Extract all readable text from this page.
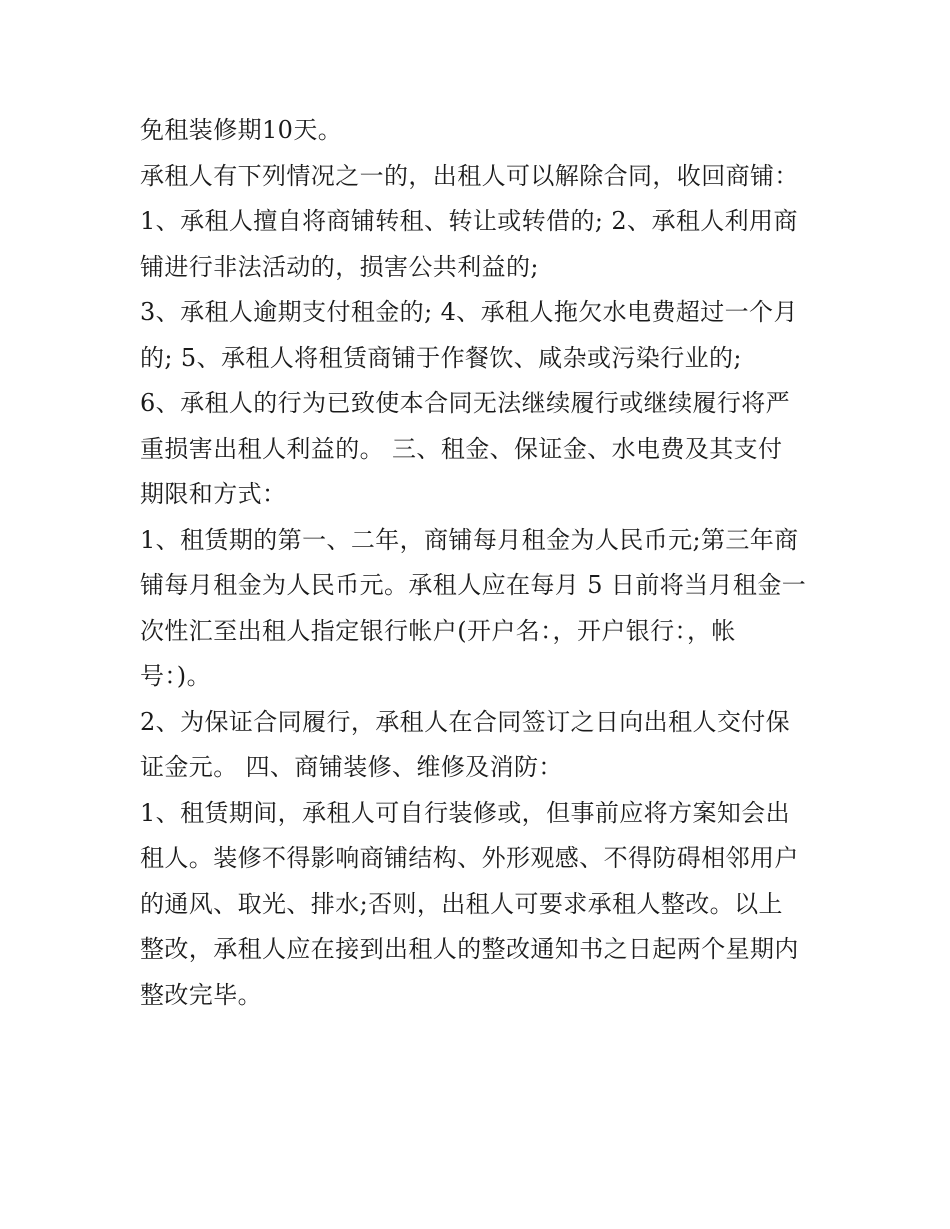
免租装修期10天。
承租人有下列情况之一的，出租人可以解除合同，收回商铺：
1、承租人擅自将商铺转租、转让或转借的; 2、承租人利用商
铺进行非法活动的，损害公共利益的;
3、承租人逾期支付租金的; 4、承租人拖欠水电费超过一个月
的; 5、承租人将租赁商铺于作餐饮、咸杂或污染行业的;
6、承租人的行为已致使本合同无法继续履行或继续履行将严
重损害出租人利益的。 三、租金、保证金、水电费及其支付
期限和方式：
1、租赁期的第一、二年，商铺每月租金为人民币元;第三年商
铺每月租金为人民币元。承租人应在每月 5 日前将当月租金一
次性汇至出租人指定银行帐户(开户名：，开户银行：，帐
号：)。
2、为保证合同履行，承租人在合同签订之日向出租人交付保
证金元。 四、商铺装修、维修及消防：
1、租赁期间，承租人可自行装修或，但事前应将方案知会出
租人。装修不得影响商铺结构、外形观感、不得防碍相邻用户
的通风、取光、排水;否则，出租人可要求承租人整改。以上
整改，承租人应在接到出租人的整改通知书之日起两个星期内
整改完毕。
